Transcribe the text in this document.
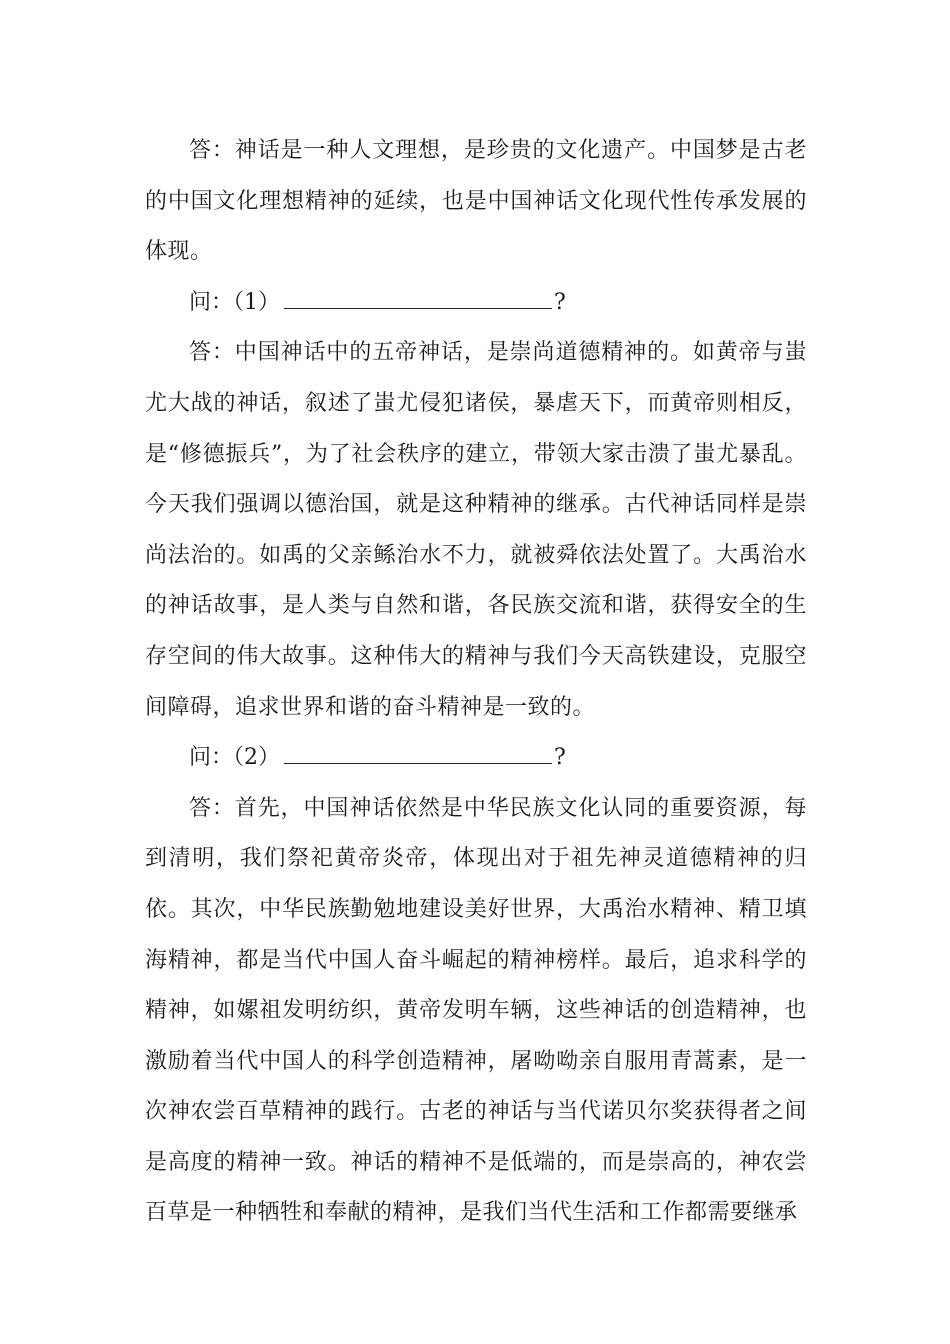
答：神话是一种人文理想，是珍贵的文化遗产。中国梦是古老的中国文化理想精神的延续，也是中国神话文化现代性传承发展的体现。

问：（1）	?

答：中国神话中的五帝神话，是崇尚道德精神的。如黄帝与蚩尤大战的神话，叙述了蚩尤侵犯诸侯，暴虐天下，而黄帝则相反，是“修德振兵”，为了社会秩序的建立，带领大家击溃了蚩尤暴乱。今天我们强调以德治国，就是这种精神的继承。古代神话同样是崇尚法治的。如禹的父亲鲧治水不力，就被舜依法处置了。大禹治水的神话故事，是人类与自然和谐，各民族交流和谐，获得安全的生存空间的伟大故事。这种伟大的精神与我们今天高铁建设，克服空间障碍，追求世界和谐的奋斗精神是一致的。

问：（2）	?

答：首先，中国神话依然是中华民族文化认同的重要资源，每到清明，我们祭祀黄帝炎帝，体现出对于祖先神灵道德精神的归依。其次，中华民族勤勉地建设美好世界，大禹治水精神、精卫填海精神，都是当代中国人奋斗崛起的精神榜样。最后，追求科学的精神，如嫘祖发明纺织，黄帝发明车辆，这些神话的创造精神，也激励着当代中国人的科学创造精神，屠呦呦亲自服用青蒿素，是一次神农尝百草精神的践行。古老的神话与当代诺贝尔奖获得者之间是高度的精神一致。神话的精神不是低端的，而是崇高的，神农尝百草是一种牺牲和奉献的精神，是我们当代生活和工作都需要继承
